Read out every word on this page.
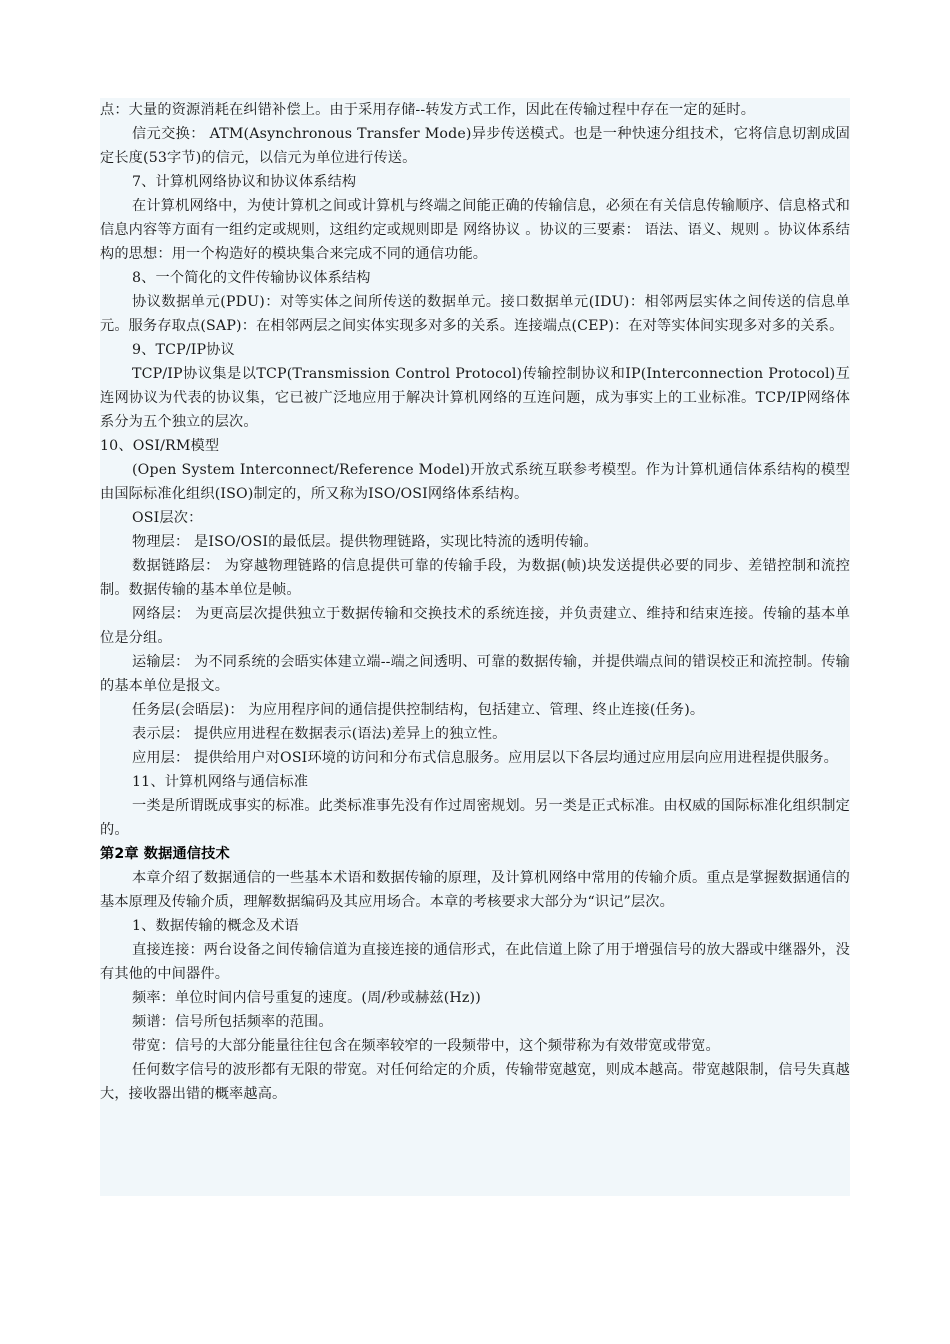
点：大量的资源消耗在纠错补偿上。由于采用存储--转发方式工作，因此在传输过程中存在一定的延时。

信元交换： ATM(Asynchronous Transfer Mode)异步传送模式。也是一种快速分组技术，它将信息切割成固定长度(53字节)的信元，以信元为单位进行传送。

7、计算机网络协议和协议体系结构

在计算机网络中，为使计算机之间或计算机与终端之间能正确的传输信息，必须在有关信息传输顺序、信息格式和信息内容等方面有一组约定或规则，这组约定或规则即是 网络协议 。协议的三要素： 语法、语义、规则 。协议体系结构的思想：用一个构造好的模块集合来完成不同的通信功能。

8、一个简化的文件传输协议体系结构

协议数据单元(PDU)：对等实体之间所传送的数据单元。接口数据单元(IDU)：相邻两层实体之间传送的信息单元。服务存取点(SAP)：在相邻两层之间实体实现多对多的关系。连接端点(CEP)：在对等实体间实现多对多的关系。

9、TCP/IP协议

TCP/IP协议集是以TCP(Transmission Control Protocol)传输控制协议和IP(Interconnection Protocol)互连网协议为代表的协议集，它已被广泛地应用于解决计算机网络的互连问题，成为事实上的工业标准。TCP/IP网络体系分为五个独立的层次。

10、OSI/RM模型

(Open System Interconnect/Reference Model)开放式系统互联参考模型。作为计算机通信体系结构的模型由国际标准化组织(ISO)制定的，所又称为ISO/OSI网络体系结构。

OSI层次：

物理层： 是ISO/OSI的最低层。提供物理链路，实现比特流的透明传输。

数据链路层： 为穿越物理链路的信息提供可靠的传输手段，为数据(帧)块发送提供必要的同步、差错控制和流控制。数据传输的基本单位是帧。

网络层： 为更高层次提供独立于数据传输和交换技术的系统连接，并负责建立、维持和结束连接。传输的基本单位是分组。

运输层： 为不同系统的会晤实体建立端--端之间透明、可靠的数据传输，并提供端点间的错误校正和流控制。传输的基本单位是报文。

任务层(会晤层)： 为应用程序间的通信提供控制结构，包括建立、管理、终止连接(任务)。

表示层： 提供应用进程在数据表示(语法)差异上的独立性。

应用层： 提供给用户对OSI环境的访问和分布式信息服务。应用层以下各层均通过应用层向应用进程提供服务。

11、计算机网络与通信标准

一类是所谓既成事实的标准。此类标准事先没有作过周密规划。另一类是正式标准。由权威的国际标准化组织制定的。

第2章 数据通信技术

本章介绍了数据通信的一些基本术语和数据传输的原理，及计算机网络中常用的传输介质。重点是掌握数据通信的基本原理及传输介质，理解数据编码及其应用场合。本章的考核要求大部分为“识记”层次。

1、数据传输的概念及术语

直接连接：两台设备之间传输信道为直接连接的通信形式，在此信道上除了用于增强信号的放大器或中继器外，没有其他的中间器件。

频率：单位时间内信号重复的速度。(周/秒或赫兹(Hz))

频谱：信号所包括频率的范围。

带宽：信号的大部分能量往往包含在频率较窄的一段频带中，这个频带称为有效带宽或带宽。

任何数字信号的波形都有无限的带宽。对任何给定的介质，传输带宽越宽，则成本越高。带宽越限制，信号失真越大，接收器出错的概率越高。
